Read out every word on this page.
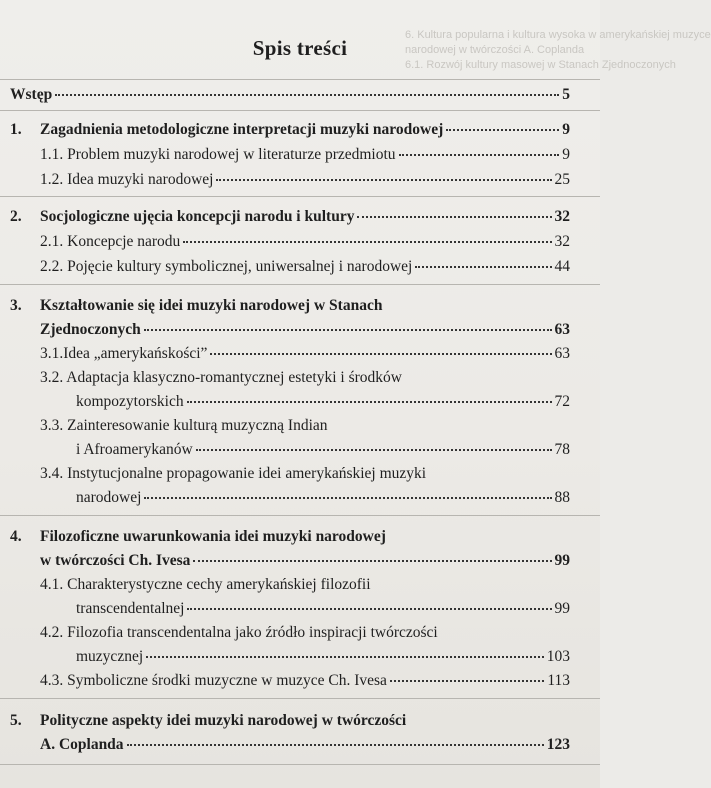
6. Kultura popularna i kultura wysoka w amerykańskiej muzyce
narodowej w twórczości A. Coplanda
6.1. Rozwój kultury masowej w Stanach Zjednoczonych
Spis treści
Wstęp	5
1. Zagadnienia metodologiczne interpretacji muzyki narodowej	9
1.1. Problem muzyki narodowej w literaturze przedmiotu	9
1.2. Idea muzyki narodowej	25
2. Socjologiczne ujęcia koncepcji narodu i kultury	32
2.1. Koncepcje narodu	32
2.2. Pojęcie kultury symbolicznej, uniwersalnej i narodowej	44
3. Kształtowanie się idei muzyki narodowej w Stanach
Zjednoczonych	63
3.1.Idea „amerykańskości”	63
3.2. Adaptacja klasyczno-romantycznej estetyki i środków
kompozytorskich	72
3.3. Zainteresowanie kulturą muzyczną Indian
i Afroamerykanów	78
3.4. Instytucjonalne propagowanie idei amerykańskiej muzyki
narodowej	88
4. Filozoficzne uwarunkowania idei muzyki narodowej
w twórczości Ch. Ivesa	99
4.1. Charakterystyczne cechy amerykańskiej filozofii
transcendentalnej	99
4.2. Filozofia transcendentalna jako źródło inspiracji twórczości
muzycznej	103
4.3. Symboliczne środki muzyczne w muzyce Ch. Ivesa	113
5. Polityczne aspekty idei muzyki narodowej w twórczości
A. Coplanda	123
